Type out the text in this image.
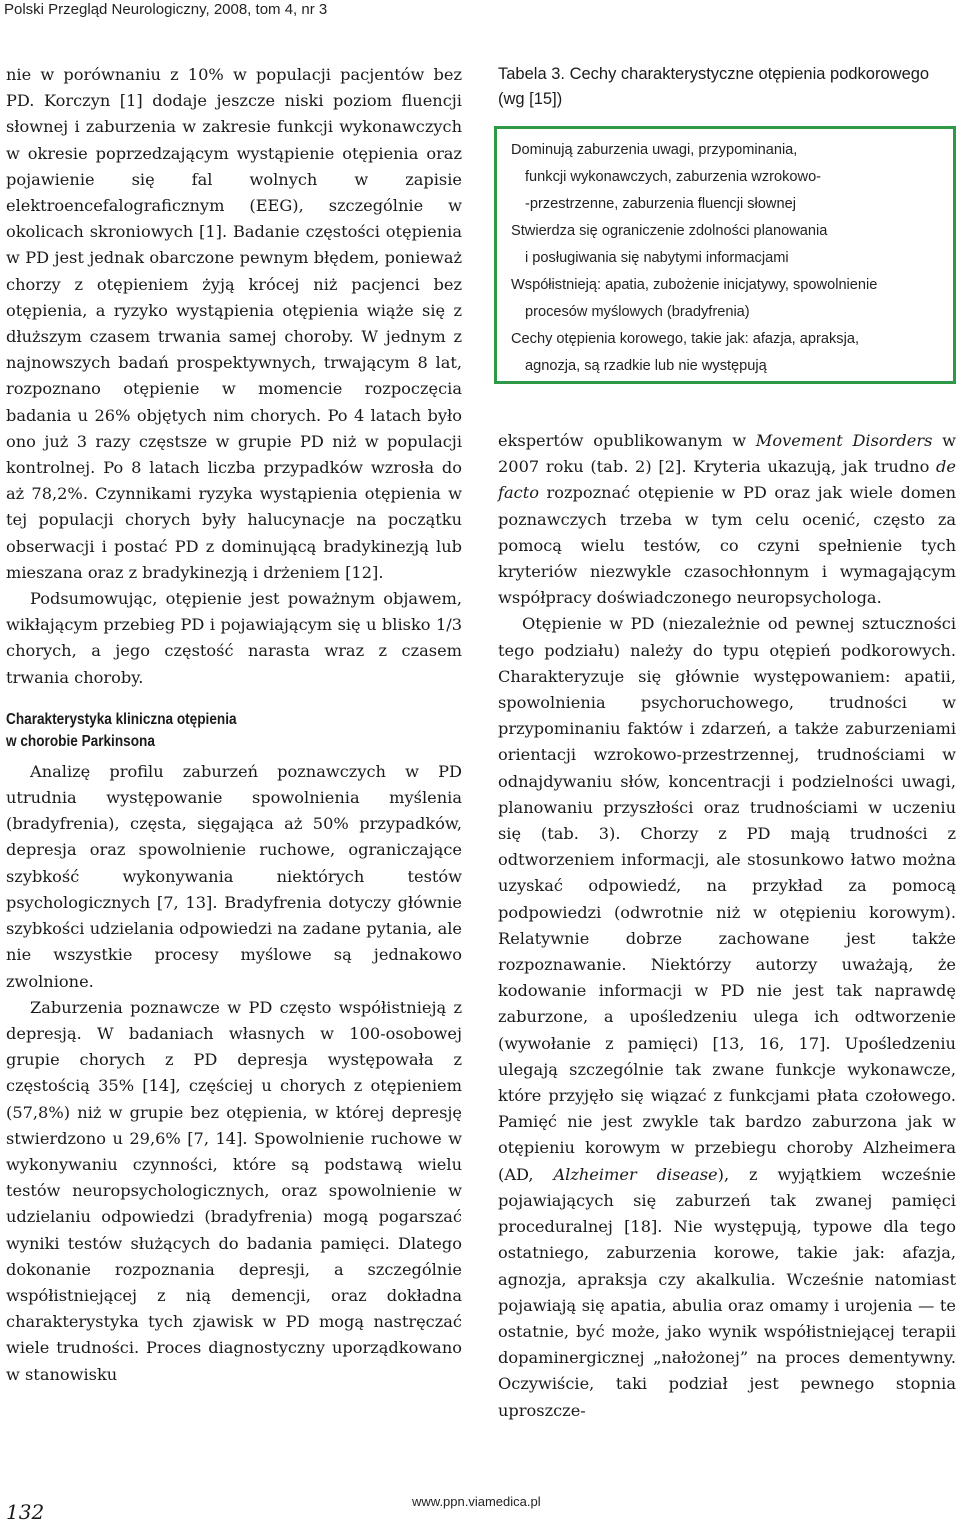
Polski Przegląd Neurologiczny, 2008, tom 4, nr 3

nie w porównaniu z 10% w populacji pacjentów bez PD. Korczyn [1] dodaje jeszcze niski poziom fluencji słownej i zaburzenia w zakresie funkcji wykonawczych w okresie poprzedzającym wystąpienie otępienia oraz pojawienie się fal wolnych w zapisie elektroencefalograficznym (EEG), szczególnie w okolicach skroniowych [1]. Badanie częstości otępienia w PD jest jednak obarczone pewnym błędem, ponieważ chorzy z otępieniem żyją krócej niż pacjenci bez otępienia, a ryzyko wystąpienia otępienia wiąże się z dłuższym czasem trwania samej choroby. W jednym z najnowszych badań prospektywnych, trwającym 8 lat, rozpoznano otępienie w momencie rozpoczęcia badania u 26% objętych nim chorych. Po 4 latach było ono już 3 razy częstsze w grupie PD niż w populacji kontrolnej. Po 8 latach liczba przypadków wzrosła do aż 78,2%. Czynnikami ryzyka wystąpienia otępienia w tej populacji chorych były halucynacje na początku obserwacji i postać PD z dominującą bradykinezją lub mieszana oraz z bradykinezją i drżeniem [12].

Podsumowując, otępienie jest poważnym objawem, wikłającym przebieg PD i pojawiającym się u blisko 1/3 chorych, a jego częstość narasta wraz z czasem trwania choroby.

Charakterystyka kliniczna otępienia
w chorobie Parkinsona

Analizę profilu zaburzeń poznawczych w PD utrudnia występowanie spowolnienia myślenia (bradyfrenia), częsta, sięgająca aż 50% przypadków, depresja oraz spowolnienie ruchowe, ograniczające szybkość wykonywania niektórych testów psychologicznych [7, 13]. Bradyfrenia dotyczy głównie szybkości udzielania odpowiedzi na zadane pytania, ale nie wszystkie procesy myślowe są jednakowo zwolnione.

Zaburzenia poznawcze w PD często współistnieją z depresją. W badaniach własnych w 100-osobowej grupie chorych z PD depresja występowała z częstością 35% [14], częściej u chorych z otępieniem (57,8%) niż w grupie bez otępienia, w której depresję stwierdzono u 29,6% [7, 14]. Spowolnienie ruchowe w wykonywaniu czynności, które są podstawą wielu testów neuropsychologicznych, oraz spowolnienie w udzielaniu odpowiedzi (bradyfrenia) mogą pogarszać wyniki testów służących do badania pamięci. Dlatego dokonanie rozpoznania depresji, a szczególnie współistniejącej z nią demencji, oraz dokładna charakterystyka tych zjawisk w PD mogą nastręczać wiele trudności. Proces diagnostyczny uporządkowano w stanowisku

Tabela 3. Cechy charakterystyczne otępienia podkorowego (wg [15])
Dominują zaburzenia uwagi, przypominania,
funkcji wykonawczych, zaburzenia wzrokowo-
-przestrzenne, zaburzenia fluencji słownej
Stwierdza się ograniczenie zdolności planowania
i posługiwania się nabytymi informacjami
Współistnieją: apatia, zubożenie inicjatywy, spowolnienie
procesów myślowych (bradyfrenia)
Cechy otępienia korowego, takie jak: afazja, apraksja,
agnozja, są rzadkie lub nie występują

ekspertów opublikowanym w Movement Disorders w 2007 roku (tab. 2) [2]. Kryteria ukazują, jak trudno de facto rozpoznać otępienie w PD oraz jak wiele domen poznawczych trzeba w tym celu ocenić, często za pomocą wielu testów, co czyni spełnienie tych kryteriów niezwykle czasochłonnym i wymagającym współpracy doświadczonego neuropsychologa.

Otępienie w PD (niezależnie od pewnej sztuczności tego podziału) należy do typu otępień podkorowych. Charakteryzuje się głównie występowaniem: apatii, spowolnienia psychoruchowego, trudności w przypominaniu faktów i zdarzeń, a także zaburzeniami orientacji wzrokowo-przestrzennej, trudnościami w odnajdywaniu słów, koncentracji i podzielności uwagi, planowaniu przyszłości oraz trudnościami w uczeniu się (tab. 3). Chorzy z PD mają trudności z odtworzeniem informacji, ale stosunkowo łatwo można uzyskać odpowiedź, na przykład za pomocą podpowiedzi (odwrotnie niż w otępieniu korowym). Relatywnie dobrze zachowane jest także rozpoznawanie. Niektórzy autorzy uważają, że kodowanie informacji w PD nie jest tak naprawdę zaburzone, a upośledzeniu ulega ich odtworzenie (wywołanie z pamięci) [13, 16, 17]. Upośledzeniu ulegają szczególnie tak zwane funkcje wykonawcze, które przyjęło się wiązać z funkcjami płata czołowego. Pamięć nie jest zwykle tak bardzo zaburzona jak w otępieniu korowym w przebiegu choroby Alzheimera (AD, Alzheimer disease), z wyjątkiem wcześnie pojawiających się zaburzeń tak zwanej pamięci proceduralnej [18]. Nie występują, typowe dla tego ostatniego, zaburzenia korowe, takie jak: afazja, agnozja, apraksja czy akalkulia. Wcześnie natomiast pojawiają się apatia, abulia oraz omamy i urojenia — te ostatnie, być może, jako wynik współistniejącej terapii dopaminergicznej „nałożonej” na proces dementywny. Oczywiście, taki podział jest pewnego stopnia uproszcze-

132	www.ppn.viamedica.pl
